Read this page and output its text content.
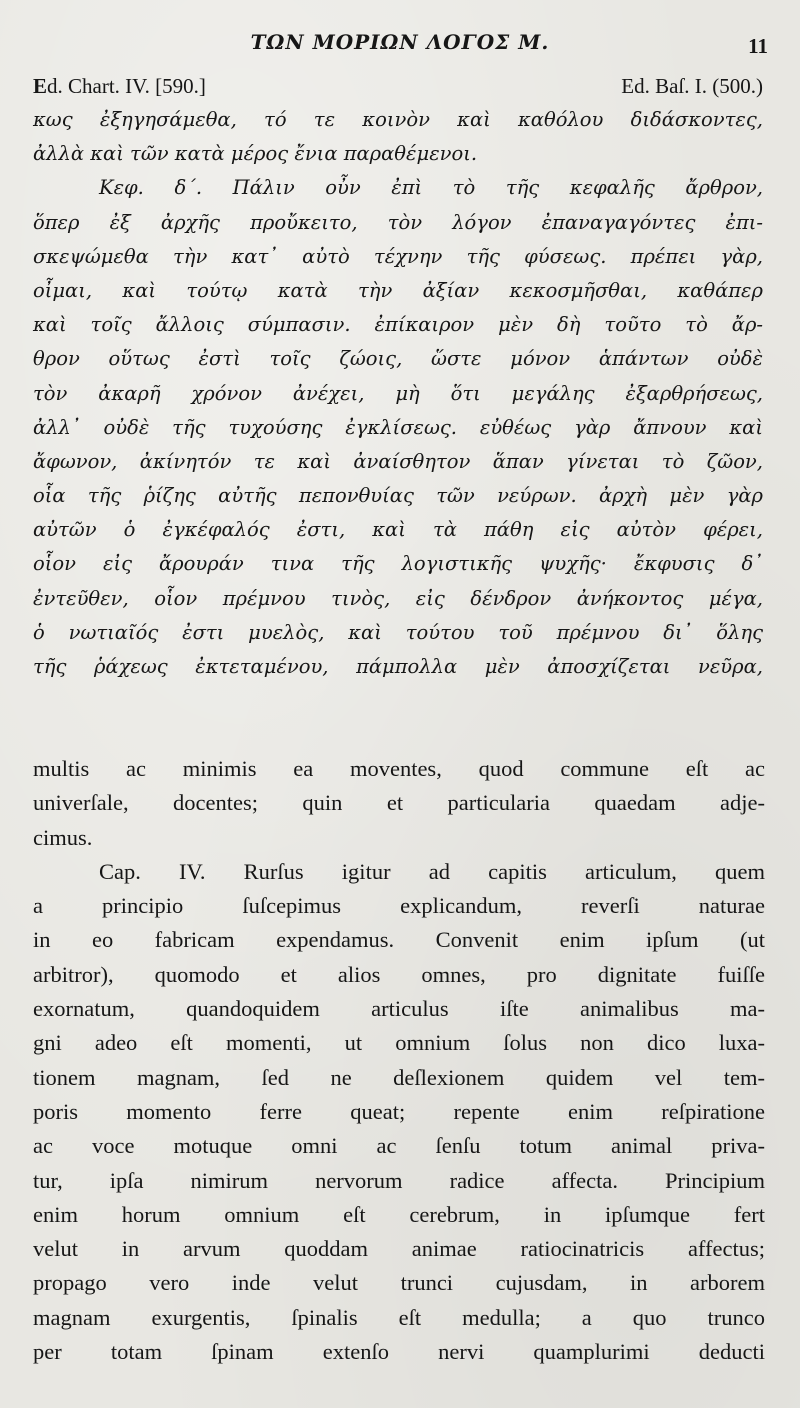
ΤΩΝ ΜΟΡΙΩΝ ΛΟΓΟΣ Μ.	11
Ed. Chart. IV. [590.]	Ed. Baſ. I. (500.)
κως ἐξηγησάμεθα, τό τε κοινὸν καὶ καθόλου διδάσκοντες,
ἀλλὰ καὶ τῶν κατὰ μέρος ἔνια παραθέμενοι.
Κεφ. δ΄. Πάλιν οὖν ἐπὶ τὸ τῆς κεφαλῆς ἄρθρον,
ὅπερ ἐξ ἀρχῆς προὔκειτο, τὸν λόγον ἐπαναγαγόντες ἐπι-
σκεψώμεθα τὴν κατ᾽ αὐτὸ τέχνην τῆς φύσεως. πρέπει γὰρ,
οἶμαι, καὶ τούτῳ κατὰ τὴν ἀξίαν κεκοσμῆσθαι, καθάπερ
καὶ τοῖς ἄλλοις σύμπασιν. ἐπίκαιρον μὲν δὴ τοῦτο τὸ ἄρ-
θρον οὕτως ἐστὶ τοῖς ζώοις, ὥστε μόνον ἁπάντων οὐδὲ
τὸν ἀκαρῆ χρόνον ἀνέχει, μὴ ὅτι μεγάλης ἐξαρθρήσεως,
ἀλλ᾽ οὐδὲ τῆς τυχούσης ἐγκλίσεως. εὐθέως γὰρ ἄπνουν καὶ
ἄφωνον, ἀκίνητόν τε καὶ ἀναίσθητον ἅπαν γίνεται τὸ ζῶον,
οἷα τῆς ῥίζης αὐτῆς πεπονθυίας τῶν νεύρων. ἀρχὴ μὲν γὰρ
αὐτῶν ὁ ἐγκέφαλός ἐστι, καὶ τὰ πάθη εἰς αὐτὸν φέρει,
οἷον εἰς ἄρουράν τινα τῆς λογιστικῆς ψυχῆς· ἔκφυσις δ᾽
ἐντεῦθεν, οἷον πρέμνου τινὸς, εἰς δένδρον ἀνήκοντος μέγα,
ὁ νωτιαῖός ἐστι μυελὸς, καὶ τούτου τοῦ πρέμνου δι᾽ ὅλης
τῆς ῥάχεως ἐκτεταμένου, πάμπολλα μὲν ἀποσχίζεται νεῦρα,
multis ac minimis ea moventes, quod commune eſt ac
univerſale, docentes; quin et particularia quaedam adje-
cimus.
Cap. IV. Rurſus igitur ad capitis articulum, quem
a principio ſuſcepimus explicandum, reverſi naturae
in eo fabricam expendamus. Convenit enim ipſum (ut
arbitror), quomodo et alios omnes, pro dignitate fuiſſe
exornatum, quandoquidem articulus iſte animalibus ma-
gni adeo eſt momenti, ut omnium ſolus non dico luxa-
tionem magnam, ſed ne deſlexionem quidem vel tem-
poris momento ferre queat; repente enim reſpiratione
ac voce motuque omni ac ſenſu totum animal priva-
tur, ipſa nimirum nervorum radice affecta. Principium
enim horum omnium eſt cerebrum, in ipſumque fert
velut in arvum quoddam animae ratiocinatricis affectus;
propago vero inde velut trunci cujusdam, in arborem
magnam exurgentis, ſpinalis eſt medulla; a quo trunco
per totam ſpinam extenſo nervi quamplurimi deducti
